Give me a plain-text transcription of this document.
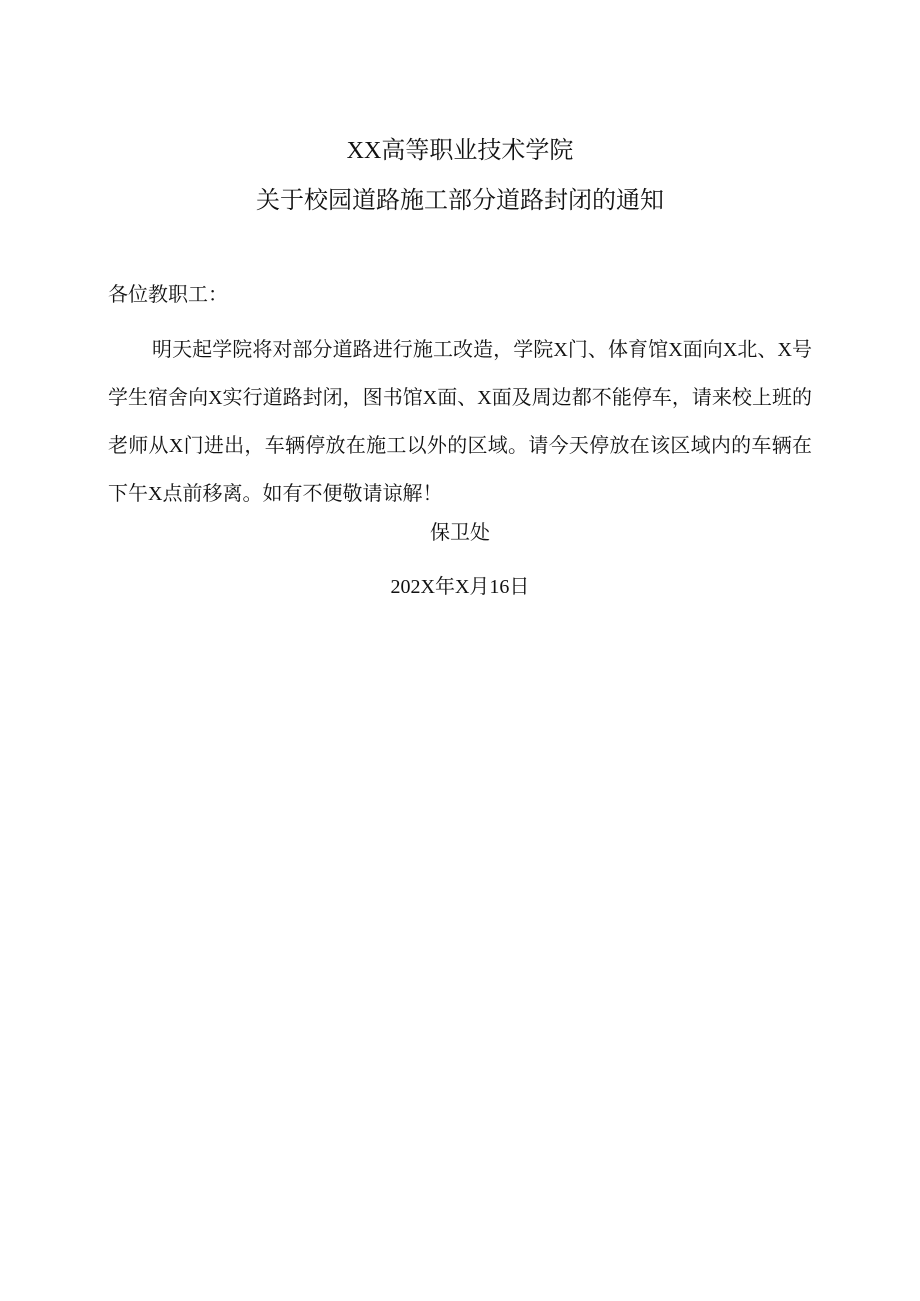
XX高等职业技术学院
关于校园道路施工部分道路封闭的通知
各位教职工：

明天起学院将对部分道路进行施工改造，学院X门、体育馆X面向X北、X号学生宿舍向X实行道路封闭，图书馆X面、X面及周边都不能停车，请来校上班的老师从X门进出，车辆停放在施工以外的区域。请今天停放在该区域内的车辆在下午X点前移离。如有不便敬请谅解！

保卫处
202X年X月16日
